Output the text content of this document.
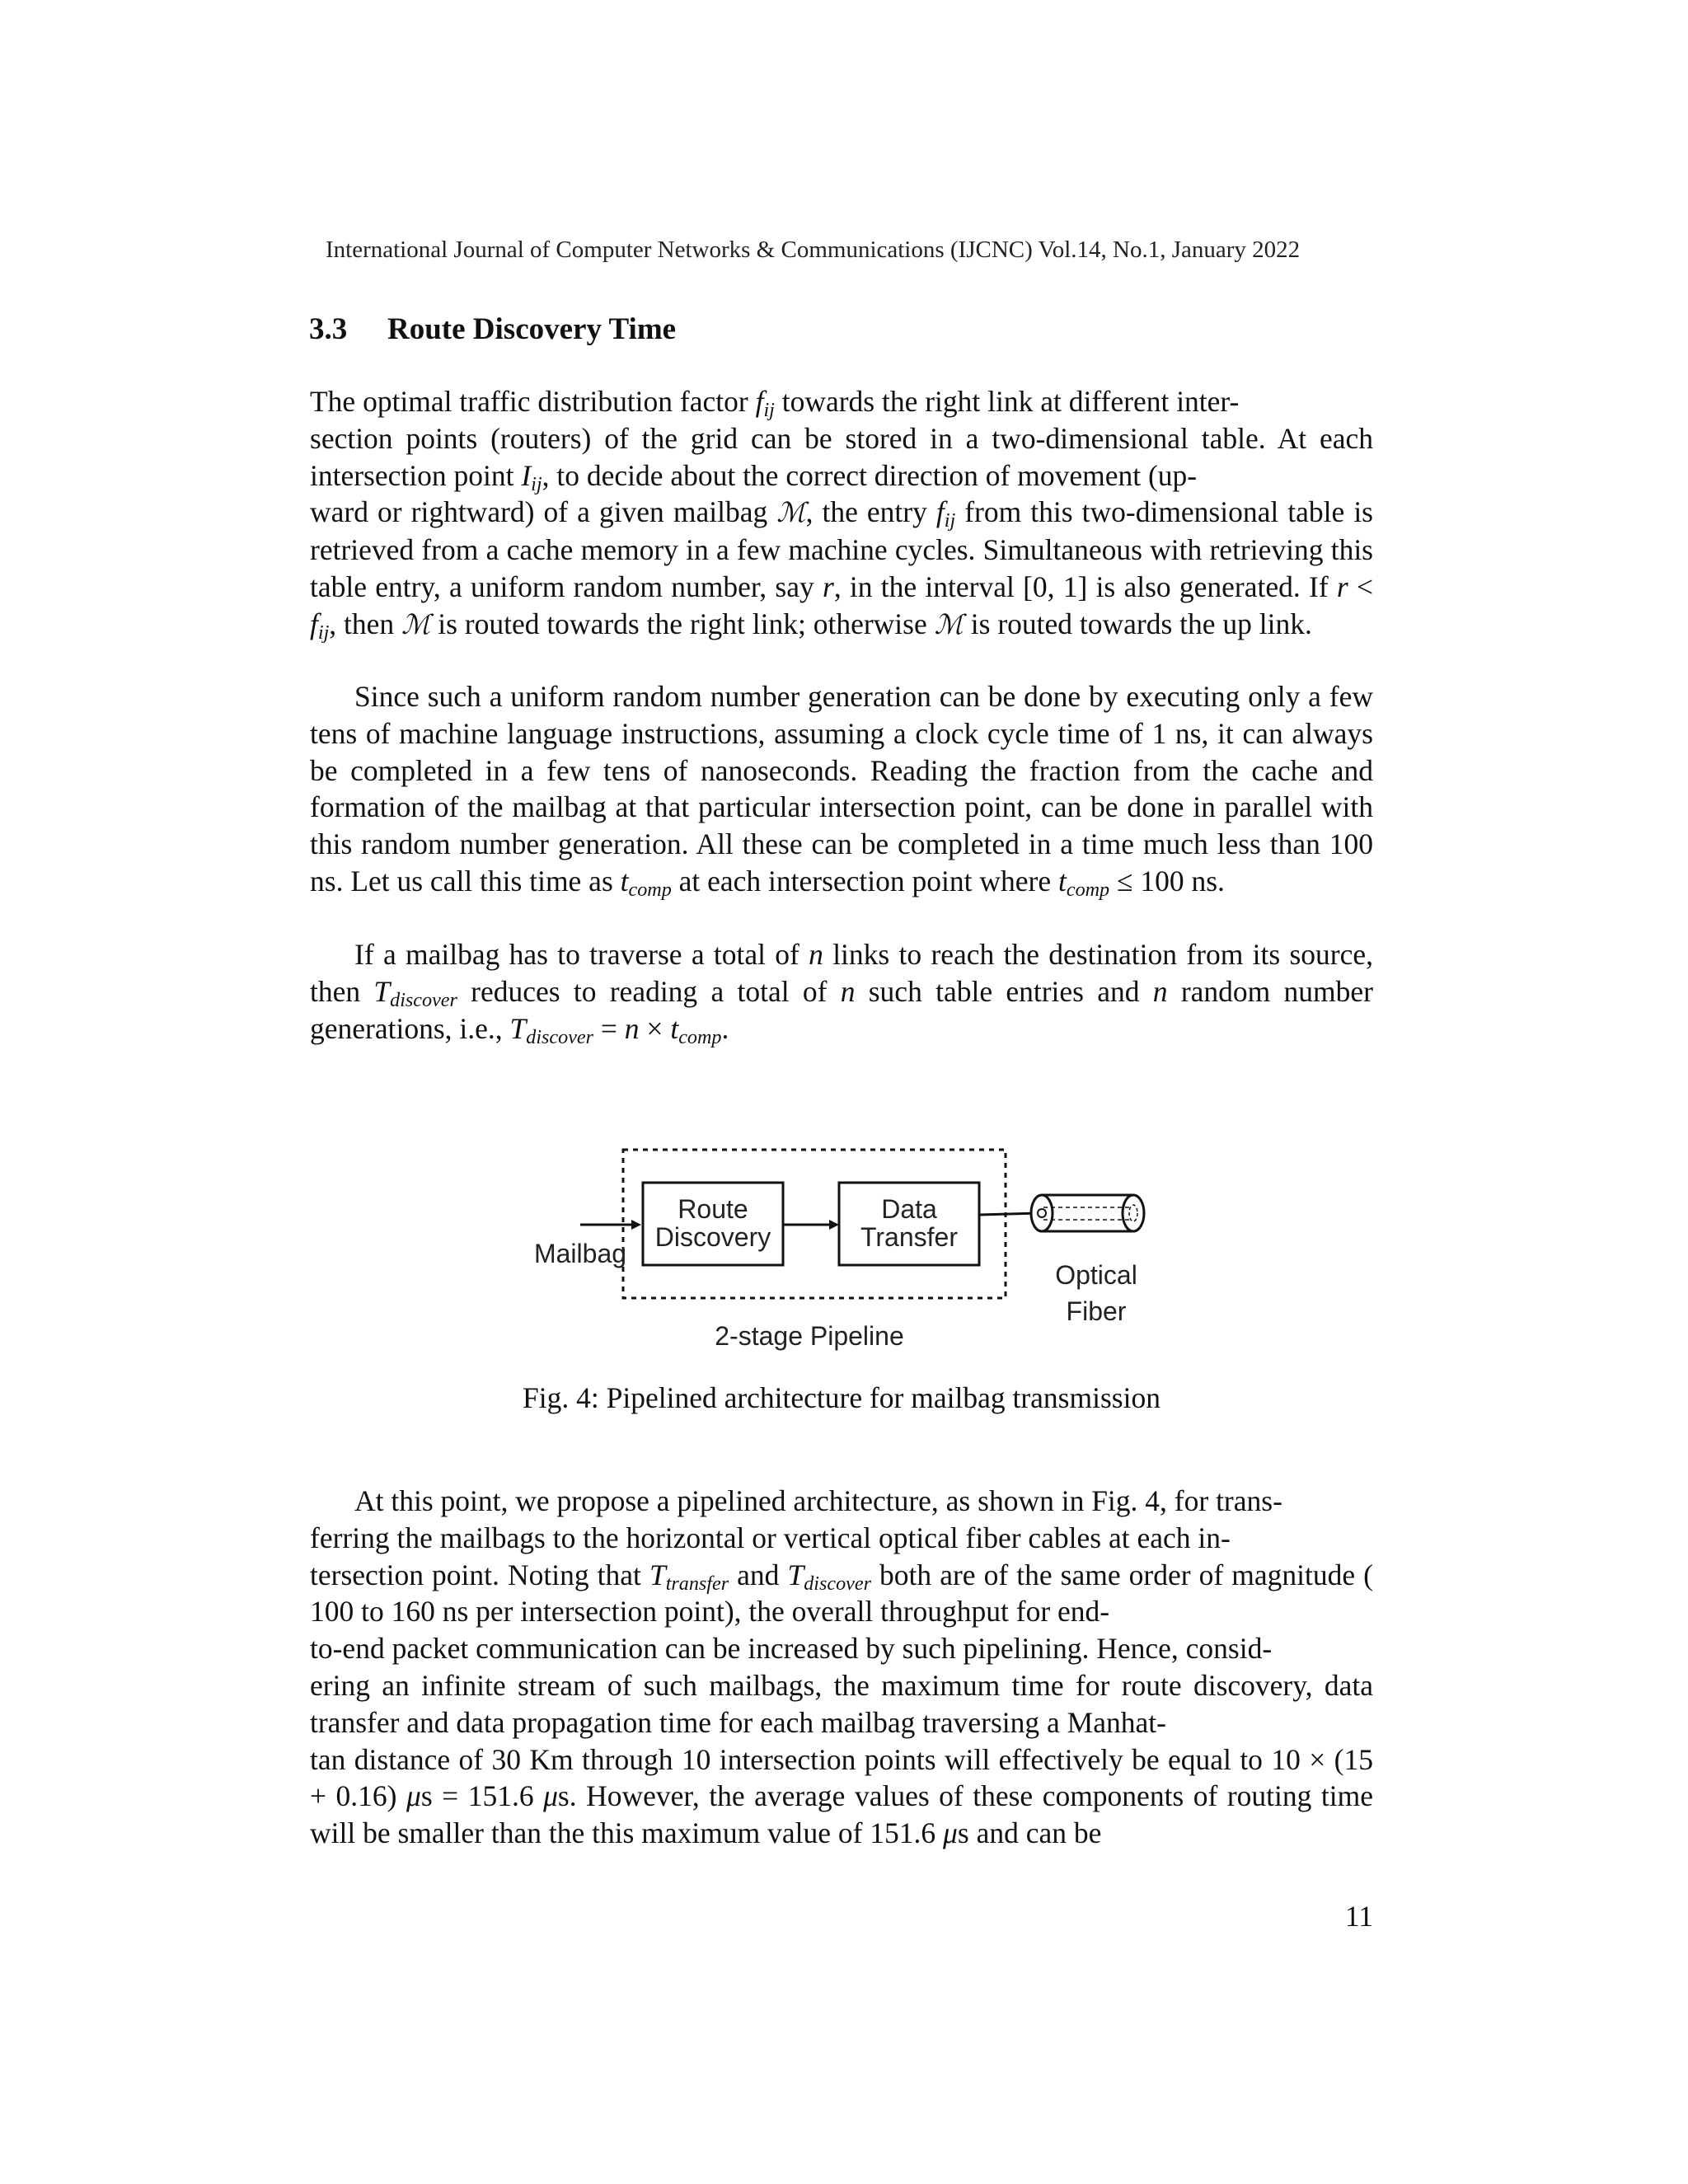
International Journal of Computer Networks & Communications (IJCNC) Vol.14, No.1, January 2022
3.3 Route Discovery Time
The optimal traffic distribution factor $f_{ij}$ towards the right link at different inter-
section points (routers) of the grid can be stored in a two-dimensional table. At each intersection point $I_{ij}$, to decide about the correct direction of movement (up-
ward or rightward) of a given mailbag ℳ, the entry $f_{ij}$ from this two-dimensional table is retrieved from a cache memory in a few machine cycles. Simultaneous with retrieving this table entry, a uniform random number, say r, in the interval [0, 1] is also generated. If $r < f_{ij}$, then ℳ is routed towards the right link; otherwise ℳ is routed towards the up link.
Since such a uniform random number generation can be done by executing only a few tens of machine language instructions, assuming a clock cycle time of 1 ns, it can always be completed in a few tens of nanoseconds. Reading the fraction from the cache and formation of the mailbag at that particular intersection point, can be done in parallel with this random number generation. All these can be completed in a time much less than 100 ns. Let us call this time as $t_{comp}$ at each intersection point where $t_{comp} \le 100$ ns.
If a mailbag has to traverse a total of n links to reach the destination from its source, then $T_{discover}$ reduces to reading a total of n such table entries and n random number generations, i.e., $T_{discover} = n \times t_{comp}$.
Mailbag
Route
Discovery
Data
Transfer
Optical
Fiber
2-stage Pipeline
Fig. 4: Pipelined architecture for mailbag transmission
At this point, we propose a pipelined architecture, as shown in Fig. 4, for trans-
ferring the mailbags to the horizontal or vertical optical fiber cables at each in-
tersection point. Noting that $T_{transfer}$ and $T_{discover}$ both are of the same order of magnitude ( 100 to 160 ns per intersection point), the overall throughput for end-
to-end packet communication can be increased by such pipelining. Hence, consid-
ering an infinite stream of such mailbags, the maximum time for route discovery, data transfer and data propagation time for each mailbag traversing a Manhat-
tan distance of 30 Km through 10 intersection points will effectively be equal to 10 × (15 + 0.16) μs = 151.6 μs. However, the average values of these components of routing time will be smaller than the this maximum value of 151.6 μs and can be
11
